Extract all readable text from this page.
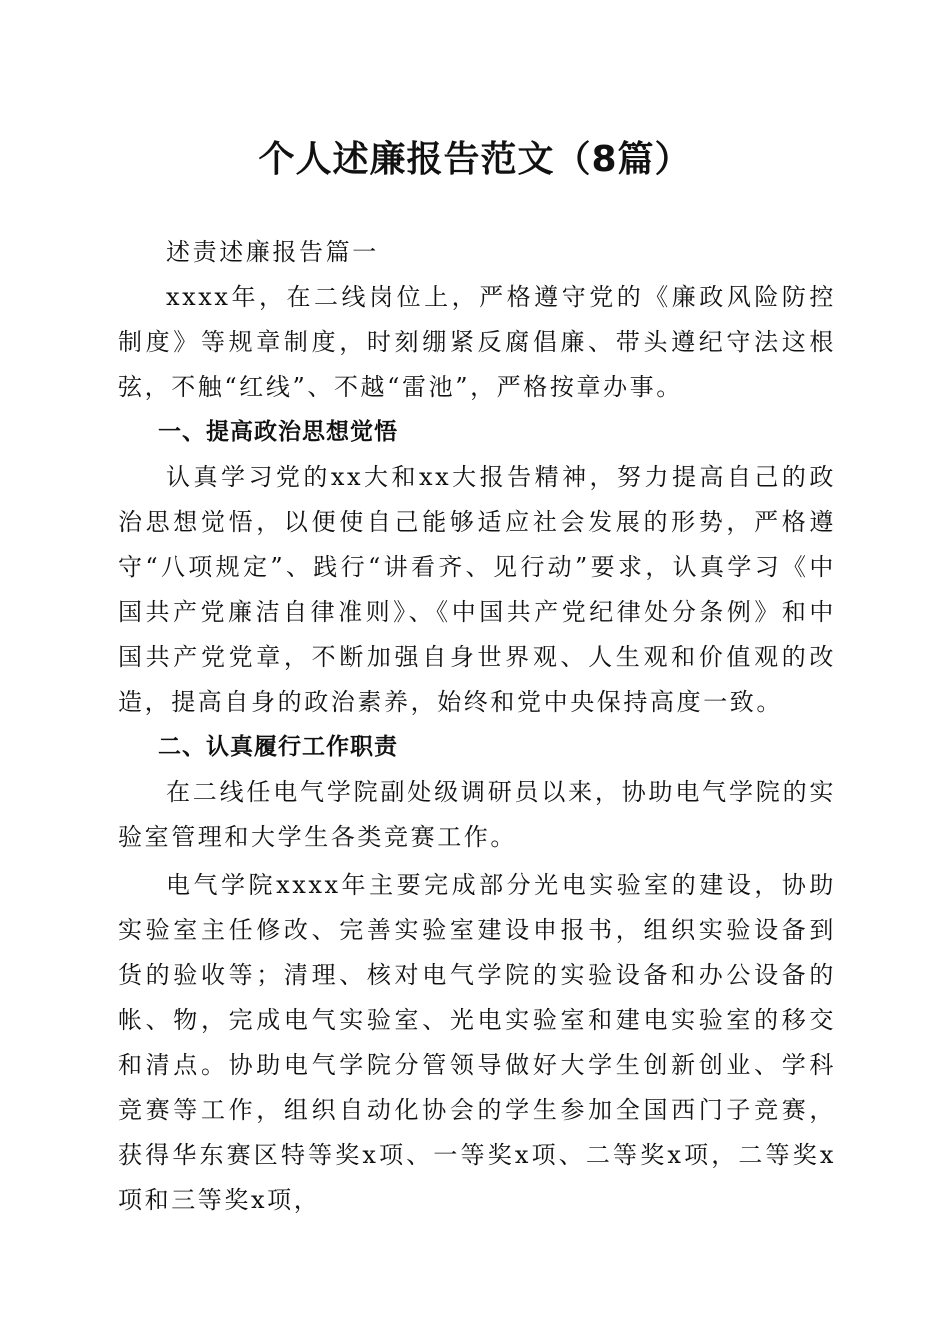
个人述廉报告范文（8篇）

述责述廉报告篇一

xxxx年，在二线岗位上，严格遵守党的《廉政风险防控制度》等规章制度，时刻绷紧反腐倡廉、带头遵纪守法这根弦，不触“红线”、不越“雷池”，严格按章办事。

一、提高政治思想觉悟

认真学习党的xx大和xx大报告精神，努力提高自己的政治思想觉悟，以便使自己能够适应社会发展的形势，严格遵守“八项规定”、践行“讲看齐、见行动”要求，认真学习《中国共产党廉洁自律准则》、《中国共产党纪律处分条例》和中国共产党党章，不断加强自身世界观、人生观和价值观的改造，提高自身的政治素养，始终和党中央保持高度一致。

二、认真履行工作职责

在二线任电气学院副处级调研员以来，协助电气学院的实验室管理和大学生各类竞赛工作。

电气学院xxxx年主要完成部分光电实验室的建设，协助实验室主任修改、完善实验室建设申报书，组织实验设备到货的验收等；清理、核对电气学院的实验设备和办公设备的帐、物，完成电气实验室、光电实验室和建电实验室的移交和清点。协助电气学院分管领导做好大学生创新创业、学科竞赛等工作，组织自动化协会的学生参加全国西门子竞赛，获得华东赛区特等奖x项、一等奖x项、二等奖x项，二等奖x项和三等奖x项，
